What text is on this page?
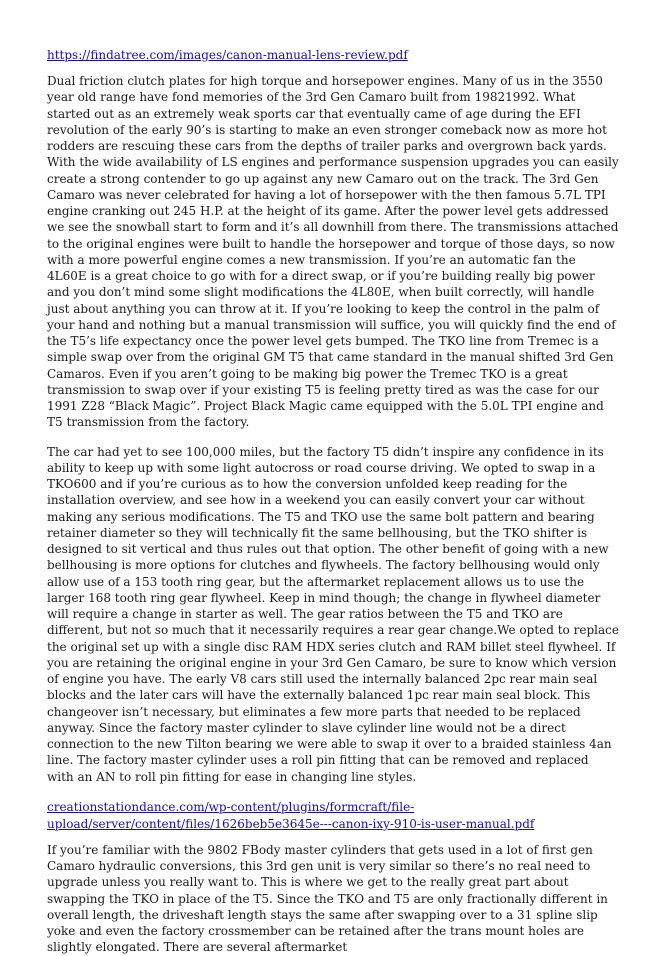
https://findatree.com/images/canon-manual-lens-review.pdf

Dual friction clutch plates for high torque and horsepower engines. Many of us in the 3550 year old range have fond memories of the 3rd Gen Camaro built from 19821992. What started out as an extremely weak sports car that eventually came of age during the EFI revolution of the early 90’s is starting to make an even stronger comeback now as more hot rodders are rescuing these cars from the depths of trailer parks and overgrown back yards. With the wide availability of LS engines and performance suspension upgrades you can easily create a strong contender to go up against any new Camaro out on the track. The 3rd Gen Camaro was never celebrated for having a lot of horsepower with the then famous 5.7L TPI engine cranking out 245 H.P. at the height of its game. After the power level gets addressed we see the snowball start to form and it’s all downhill from there. The transmissions attached to the original engines were built to handle the horsepower and torque of those days, so now with a more powerful engine comes a new transmission. If you’re an automatic fan the 4L60E is a great choice to go with for a direct swap, or if you’re building really big power and you don’t mind some slight modifications the 4L80E, when built correctly, will handle just about anything you can throw at it. If you’re looking to keep the control in the palm of your hand and nothing but a manual transmission will suffice, you will quickly find the end of the T5’s life expectancy once the power level gets bumped. The TKO line from Tremec is a simple swap over from the original GM T5 that came standard in the manual shifted 3rd Gen Camaros. Even if you aren’t going to be making big power the Tremec TKO is a great transmission to swap over if your existing T5 is feeling pretty tired as was the case for our 1991 Z28 “Black Magic”. Project Black Magic came equipped with the 5.0L TPI engine and T5 transmission from the factory.

The car had yet to see 100,000 miles, but the factory T5 didn’t inspire any confidence in its ability to keep up with some light autocross or road course driving. We opted to swap in a TKO600 and if you’re curious as to how the conversion unfolded keep reading for the installation overview, and see how in a weekend you can easily convert your car without making any serious modifications. The T5 and TKO use the same bolt pattern and bearing retainer diameter so they will technically fit the same bellhousing, but the TKO shifter is designed to sit vertical and thus rules out that option. The other benefit of going with a new bellhousing is more options for clutches and flywheels. The factory bellhousing would only allow use of a 153 tooth ring gear, but the aftermarket replacement allows us to use the larger 168 tooth ring gear flywheel. Keep in mind though; the change in flywheel diameter will require a change in starter as well. The gear ratios between the T5 and TKO are different, but not so much that it necessarily requires a rear gear change.We opted to replace the original set up with a single disc RAM HDX series clutch and RAM billet steel flywheel. If you are retaining the original engine in your 3rd Gen Camaro, be sure to know which version of engine you have. The early V8 cars still used the internally balanced 2pc rear main seal blocks and the later cars will have the externally balanced 1pc rear main seal block. This changeover isn’t necessary, but eliminates a few more parts that needed to be replaced anyway. Since the factory master cylinder to slave cylinder line would not be a direct connection to the new Tilton bearing we were able to swap it over to a braided stainless 4an line. The factory master cylinder uses a roll pin fitting that can be removed and replaced with an AN to roll pin fitting for ease in changing line styles.

creationstationdance.com/wp-content/plugins/formcraft/file-upload/server/content/files/1626beb5e3645e---canon-ixy-910-is-user-manual.pdf

If you’re familiar with the 9802 FBody master cylinders that gets used in a lot of first gen Camaro hydraulic conversions, this 3rd gen unit is very similar so there’s no real need to upgrade unless you really want to. This is where we get to the really great part about swapping the TKO in place of the T5. Since the TKO and T5 are only fractionally different in overall length, the driveshaft length stays the same after swapping over to a 31 spline slip yoke and even the factory crossmember can be retained after the trans mount holes are slightly elongated. There are several aftermarket
